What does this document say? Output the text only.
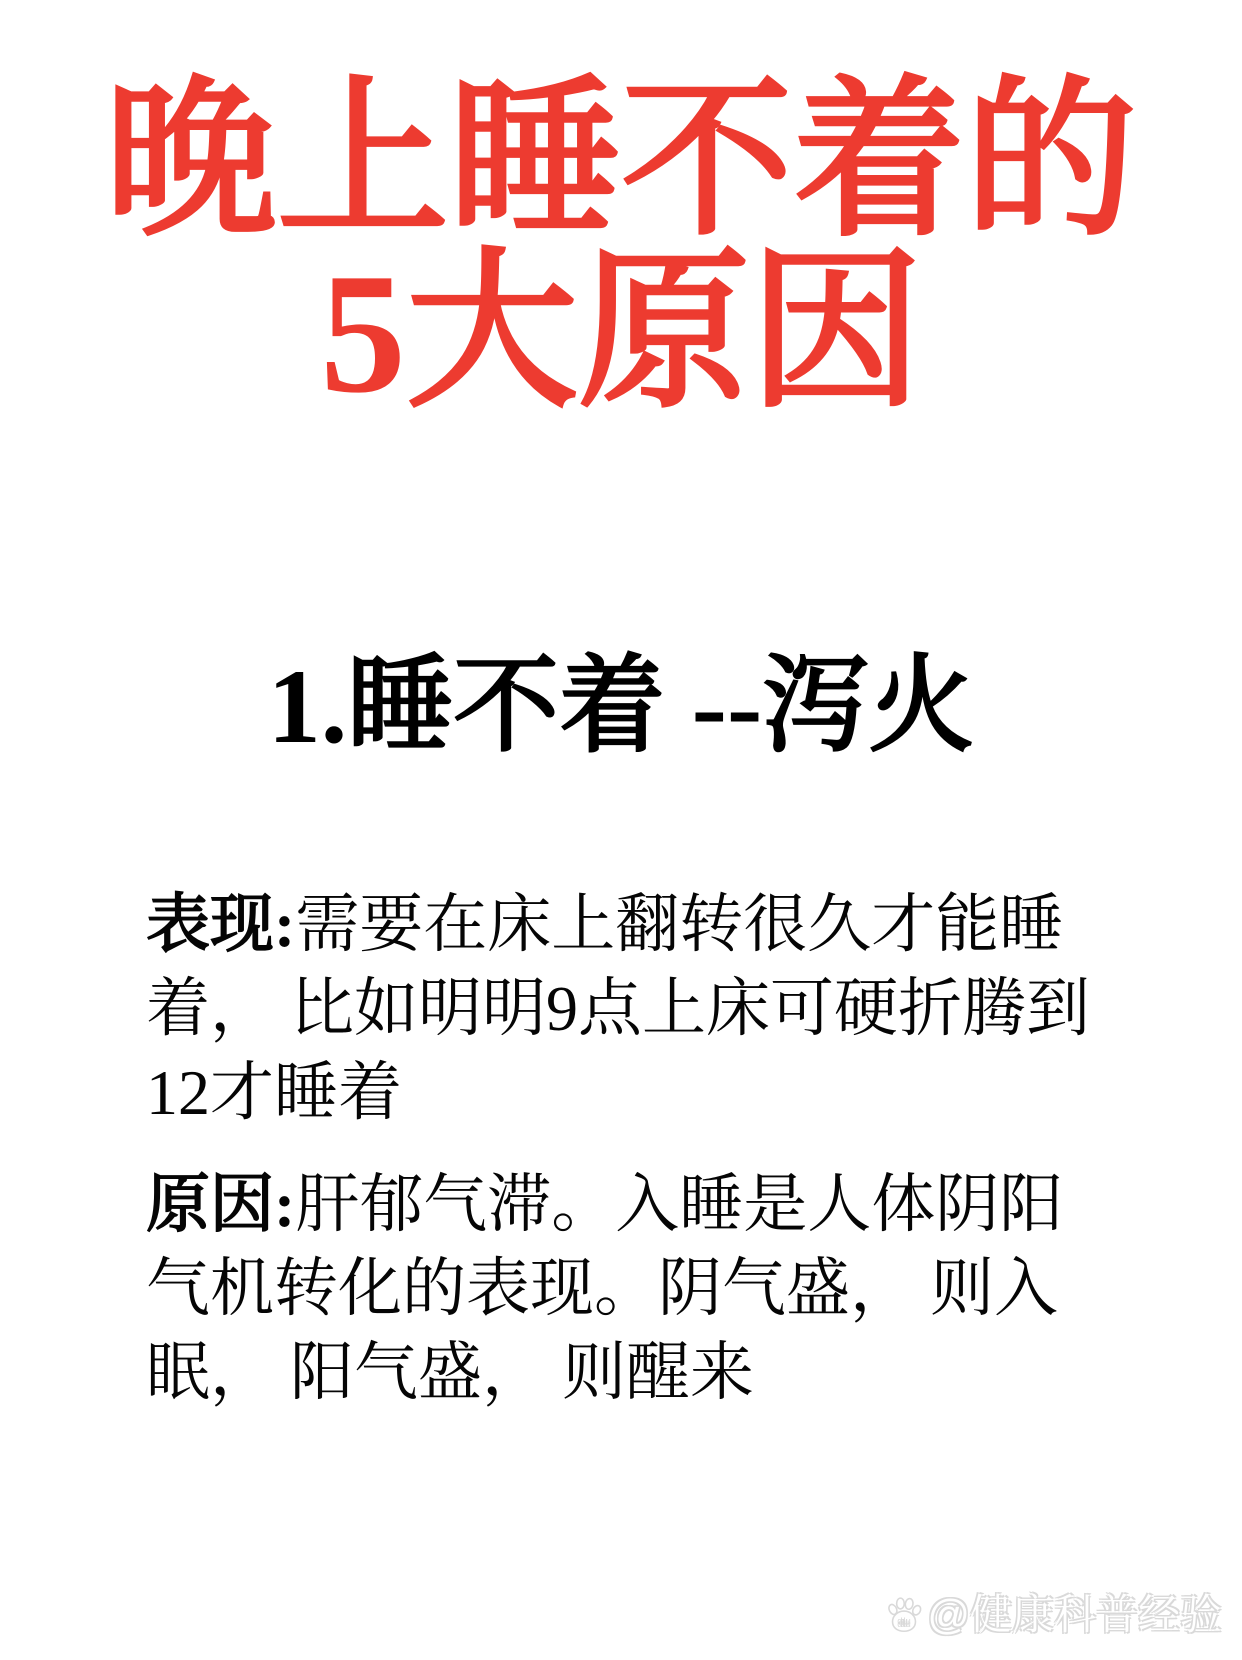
晚上睡不着的
5大原因
1.睡不着 --泻火

表现:需要在床上翻转很久才能睡着， 比如明明9点上床可硬折腾到12才睡着

原因:肝郁气滞。入睡是人体阴阳气机转化的表现。阴气盛， 则入眠， 阳气盛， 则醒来

du @健康科普经验
